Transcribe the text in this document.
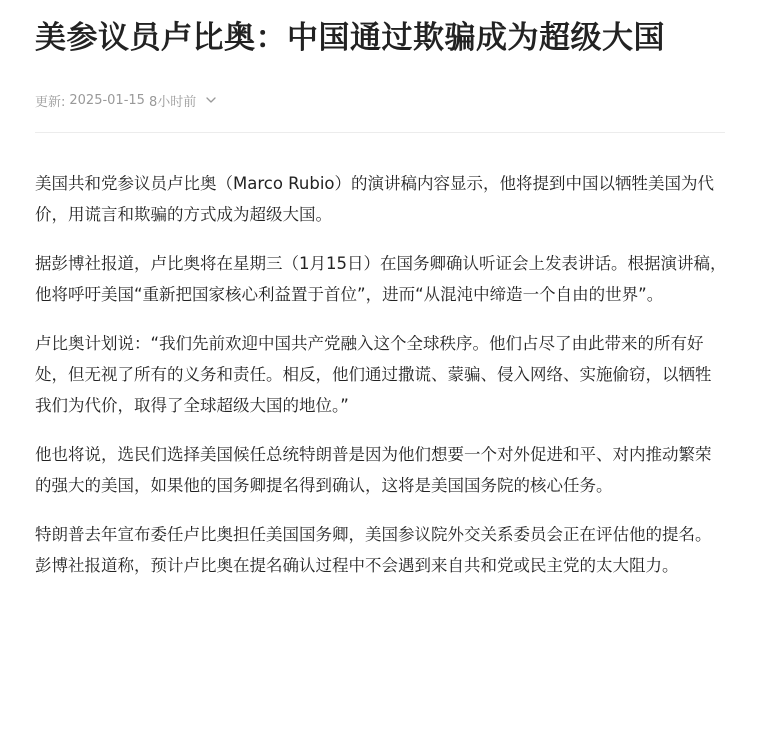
美参议员卢比奥：中国通过欺骗成为超级大国
更新: 2025-01-15 8小时前

美国共和党参议员卢比奥（Marco Rubio）的演讲稿内容显示，他将提到中国以牺牲美国为代价，用谎言和欺骗的方式成为超级大国。

据彭博社报道，卢比奥将在星期三（1月15日）在国务卿确认听证会上发表讲话。根据演讲稿，他将呼吁美国“重新把国家核心利益置于首位”，进而“从混沌中缔造一个自由的世界”。

卢比奥计划说：“我们先前欢迎中国共产党融入这个全球秩序。他们占尽了由此带来的所有好处，但无视了所有的义务和责任。相反，他们通过撒谎、蒙骗、侵入网络、实施偷窃，以牺牲我们为代价，取得了全球超级大国的地位。”

他也将说，选民们选择美国候任总统特朗普是因为他们想要一个对外促进和平、对内推动繁荣的强大的美国，如果他的国务卿提名得到确认，这将是美国国务院的核心任务。

特朗普去年宣布委任卢比奥担任美国国务卿，美国参议院外交关系委员会正在评估他的提名。彭博社报道称，预计卢比奥在提名确认过程中不会遇到来自共和党或民主党的太大阻力。
